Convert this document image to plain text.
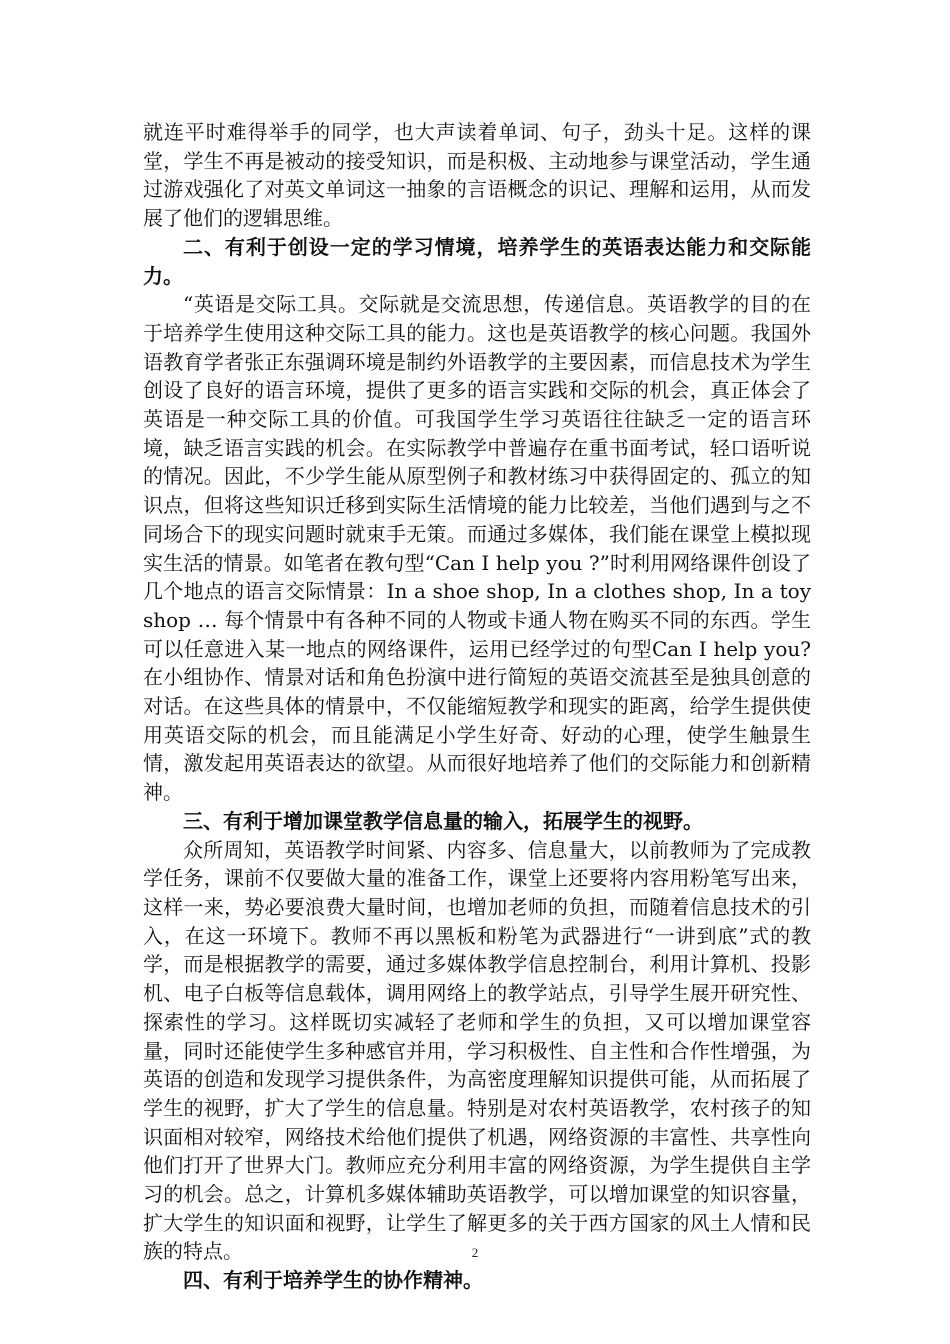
就连平时难得举手的同学，也大声读着单词、句子，劲头十足。这样的课堂，学生不再是被动的接受知识，而是积极、主动地参与课堂活动，学生通过游戏强化了对英文单词这一抽象的言语概念的识记、理解和运用，从而发展了他们的逻辑思维。

二、有利于创设一定的学习情境，培养学生的英语表达能力和交际能力。

“英语是交际工具。交际就是交流思想，传递信息。英语教学的目的在于培养学生使用这种交际工具的能力。这也是英语教学的核心问题。我国外语教育学者张正东强调环境是制约外语教学的主要因素，而信息技术为学生创设了良好的语言环境，提供了更多的语言实践和交际的机会，真正体会了英语是一种交际工具的价值。可我国学生学习英语往往缺乏一定的语言环境，缺乏语言实践的机会。在实际教学中普遍存在重书面考试，轻口语听说的情况。因此，不少学生能从原型例子和教材练习中获得固定的、孤立的知识点，但将这些知识迁移到实际生活情境的能力比较差，当他们遇到与之不同场合下的现实问题时就束手无策。而通过多媒体，我们能在课堂上模拟现实生活的情景。如笔者在教句型“Can I help you ?”时利用网络课件创设了几个地点的语言交际情景：In a shoe shop, In a clothes shop, In a toy shop … 每个情景中有各种不同的人物或卡通人物在购买不同的东西。学生可以任意进入某一地点的网络课件，运用已经学过的句型Can I help you? 在小组协作、情景对话和角色扮演中进行简短的英语交流甚至是独具创意的对话。在这些具体的情景中，不仅能缩短教学和现实的距离，给学生提供使用英语交际的机会，而且能满足小学生好奇、好动的心理，使学生触景生情，激发起用英语表达的欲望。从而很好地培养了他们的交际能力和创新精神。

三、有利于增加课堂教学信息量的输入，拓展学生的视野。

众所周知，英语教学时间紧、内容多、信息量大，以前教师为了完成教学任务，课前不仅要做大量的准备工作，课堂上还要将内容用粉笔写出来，这样一来，势必要浪费大量时间，也增加老师的负担，而随着信息技术的引入，在这一环境下。教师不再以黑板和粉笔为武器进行“一讲到底”式的教学，而是根据教学的需要，通过多媒体教学信息控制台，利用计算机、投影机、电子白板等信息载体，调用网络上的教学站点，引导学生展开研究性、探索性的学习。这样既切实减轻了老师和学生的负担，又可以增加课堂容量，同时还能使学生多种感官并用，学习积极性、自主性和合作性增强，为英语的创造和发现学习提供条件，为高密度理解知识提供可能，从而拓展了学生的视野，扩大了学生的信息量。特别是对农村英语教学，农村孩子的知识面相对较窄，网络技术给他们提供了机遇，网络资源的丰富性、共享性向他们打开了世界大门。教师应充分利用丰富的网络资源，为学生提供自主学习的机会。总之，计算机多媒体辅助英语教学，可以增加课堂的知识容量，扩大学生的知识面和视野，让学生了解更多的关于西方国家的风土人情和民族的特点。

四、有利于培养学生的协作精神。

2
